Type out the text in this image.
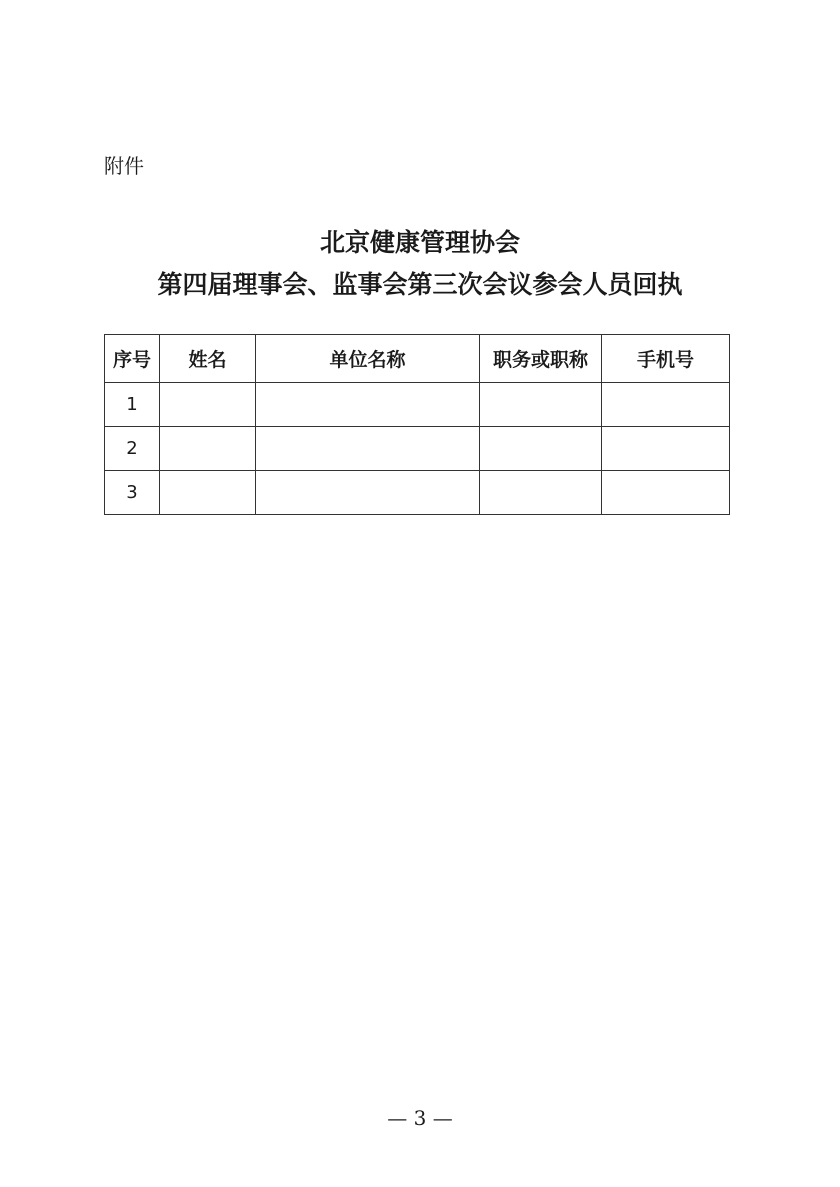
附件
北京健康管理协会
第四届理事会、监事会第三次会议参会人员回执
序号	姓名	单位名称	职务或职称	手机号
1				
2				
3				
— 3 —
